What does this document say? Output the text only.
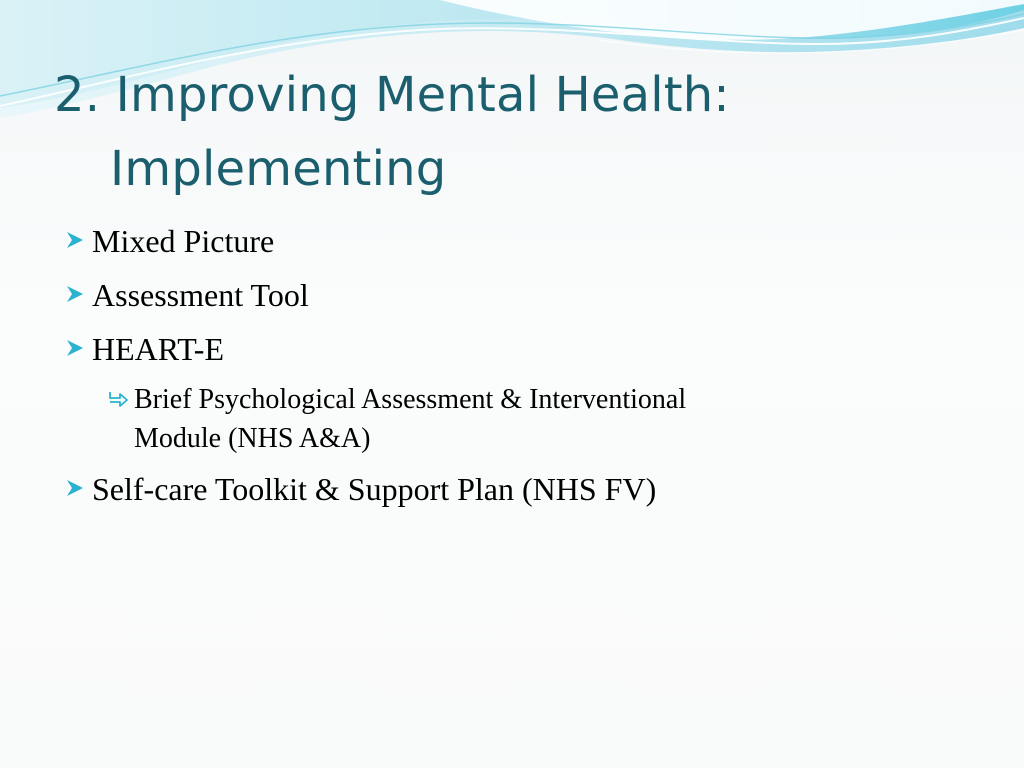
2. Improving Mental Health:
Implementing
Mixed Picture
Assessment Tool
HEART-E
Brief Psychological Assessment & Interventional
Module (NHS A&A)
Self-care Toolkit & Support Plan (NHS FV)
